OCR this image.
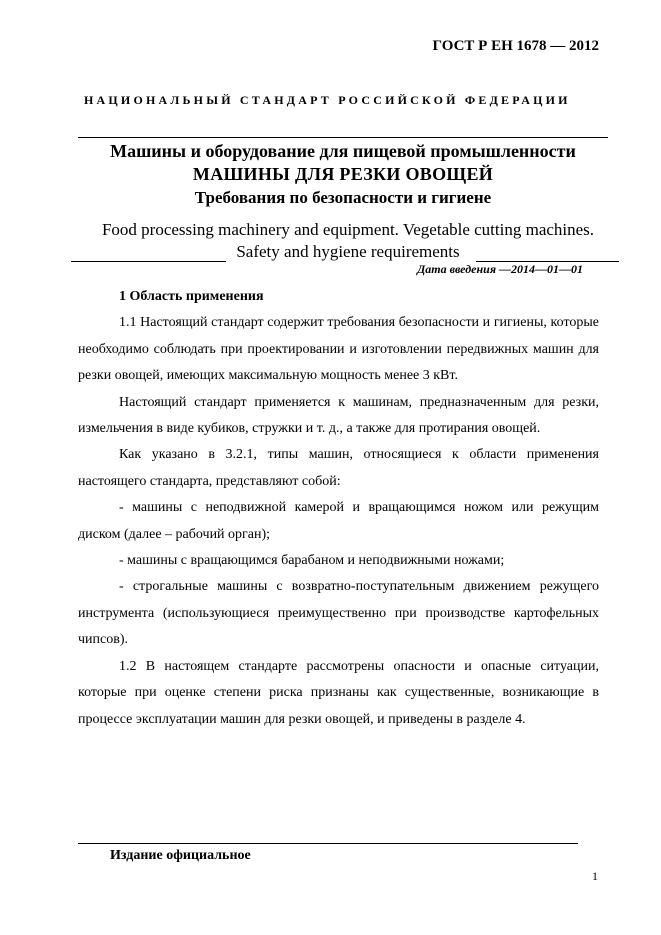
ГОСТ Р ЕН 1678 — 2012
НАЦИОНАЛЬНЫЙ СТАНДАРТ РОССИЙСКОЙ ФЕДЕРАЦИИ
Машины и оборудование для пищевой промышленности
МАШИНЫ ДЛЯ РЕЗКИ ОВОЩЕЙ
Требования по безопасности и гигиене
Food processing machinery and equipment. Vegetable cutting machines.
Safety and hygiene requirements
Дата введения —2014—01—01

1 Область применения

1.1 Настоящий стандарт содержит требования безопасности и гигиены, которые необходимо соблюдать при проектировании и изготовлении передвижных машин для резки овощей, имеющих максимальную мощность менее 3 кВт.

Настоящий стандарт применяется к машинам, предназначенным для резки, измельчения в виде кубиков, стружки и т. д., а также для протирания овощей.

Как указано в 3.2.1, типы машин, относящиеся к области применения настоящего стандарта, представляют собой:

- машины с неподвижной камерой и вращающимся ножом или режущим диском (далее – рабочий орган);

- машины с вращающимся барабаном и неподвижными ножами;

- строгальные машины с возвратно-поступательным движением режущего инструмента (использующиеся преимущественно при производстве картофельных чипсов).

1.2 В настоящем стандарте рассмотрены опасности и опасные ситуации, которые при оценке степени риска признаны как существенные, возникающие в процессе эксплуатации машин для резки овощей, и приведены в разделе 4.

Издание официальное
1
